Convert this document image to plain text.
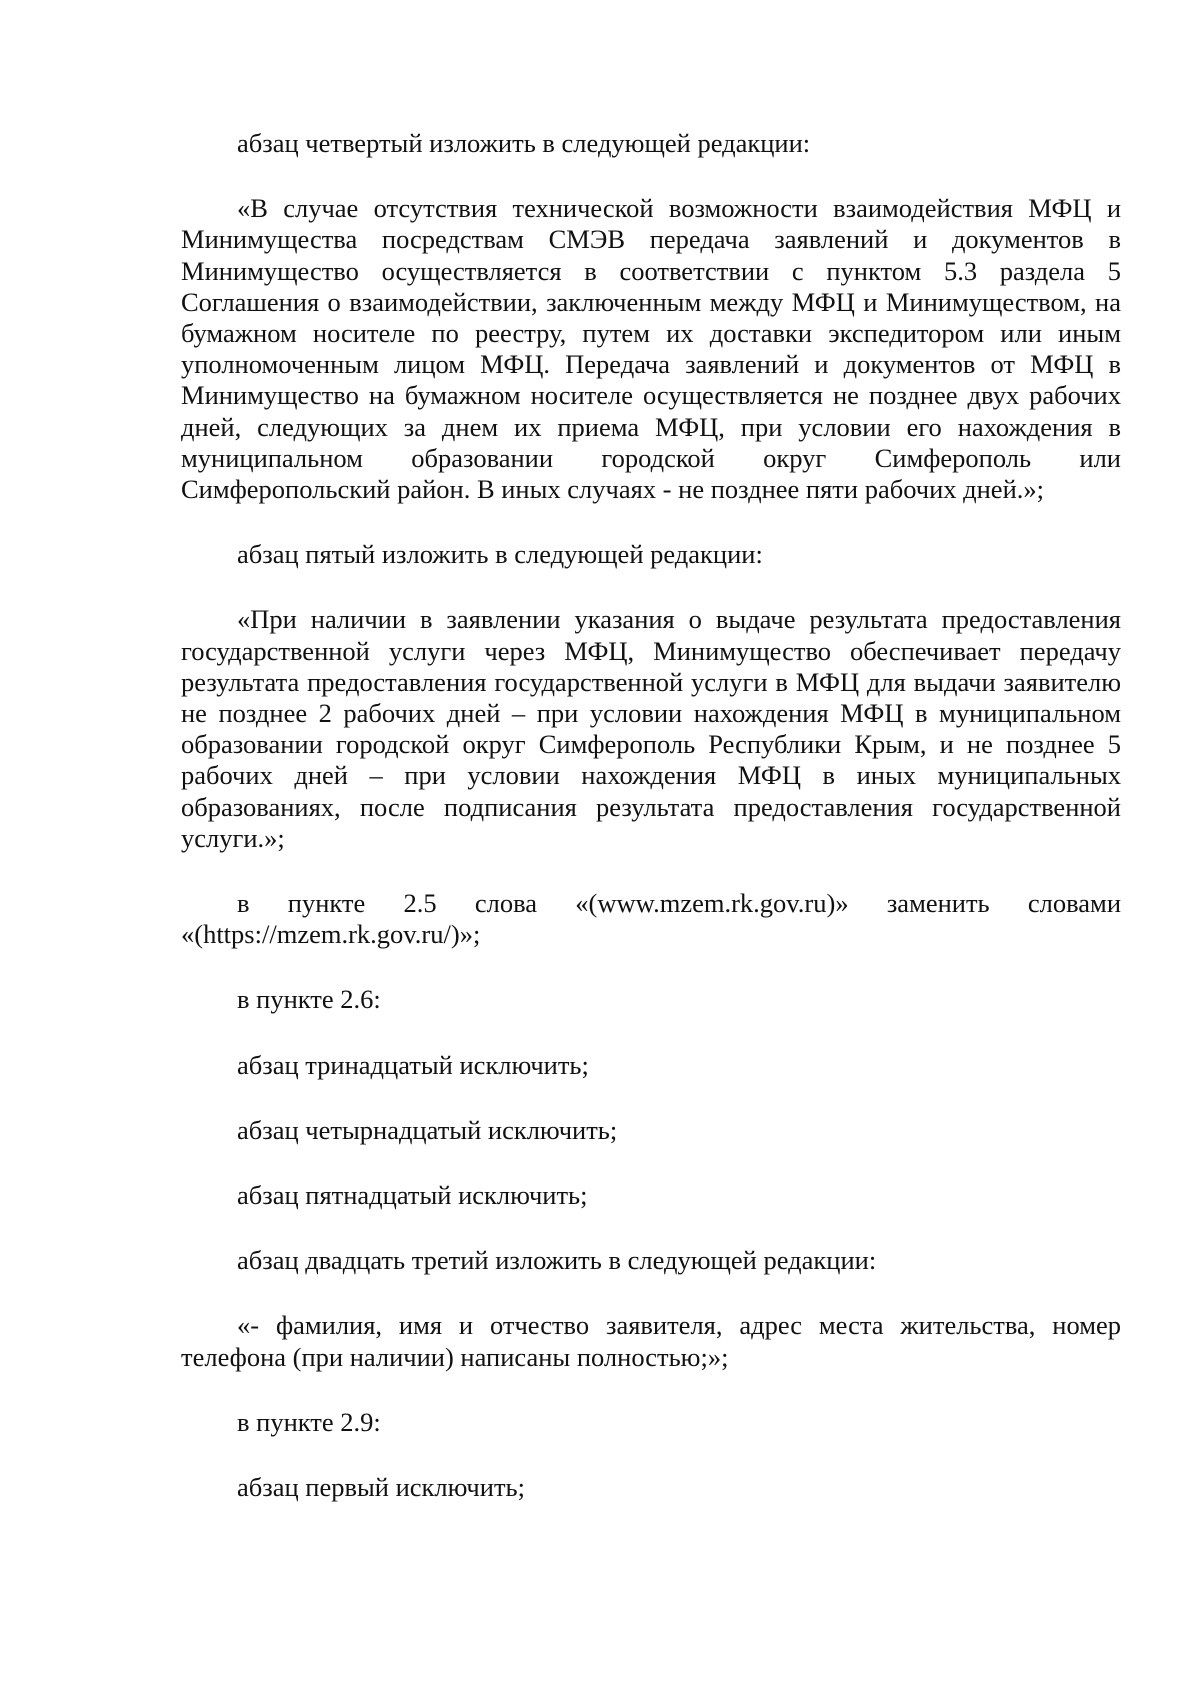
абзац четвертый изложить в следующей редакции:

«В случае отсутствия технической возможности взаимодействия МФЦ и Минимущества посредствам СМЭВ передача заявлений и документов в Минимущество осуществляется в соответствии с пунктом 5.3 раздела 5 Соглашения о взаимодействии, заключенным между МФЦ и Минимуществом, на бумажном носителе по реестру, путем их доставки экспедитором или иным уполномоченным лицом МФЦ. Передача заявлений и документов от МФЦ в Минимущество на бумажном носителе осуществляется не позднее двух рабочих дней, следующих за днем их приема МФЦ, при условии его нахождения в муниципальном образовании городской округ Симферополь или Симферопольский район. В иных случаях - не позднее пяти рабочих дней.»;

абзац пятый изложить в следующей редакции:

«При наличии в заявлении указания о выдаче результата предоставления государственной услуги через МФЦ, Минимущество обеспечивает передачу результата предоставления государственной услуги в МФЦ для выдачи заявителю не позднее 2 рабочих дней – при условии нахождения МФЦ в муниципальном образовании городской округ Симферополь Республики Крым, и не позднее 5 рабочих дней – при условии нахождения МФЦ в иных муниципальных образованиях, после подписания результата предоставления государственной услуги.»;

в пункте 2.5 слова «(www.mzem.rk.gov.ru)» заменить словами «(https://mzem.rk.gov.ru/)»;

в пункте 2.6:

абзац тринадцатый исключить;

абзац четырнадцатый исключить;

абзац пятнадцатый исключить;

абзац двадцать третий изложить в следующей редакции:

«- фамилия, имя и отчество заявителя, адрес места жительства, номер телефона (при наличии) написаны полностью;»;

в пункте 2.9:

абзац первый исключить;
